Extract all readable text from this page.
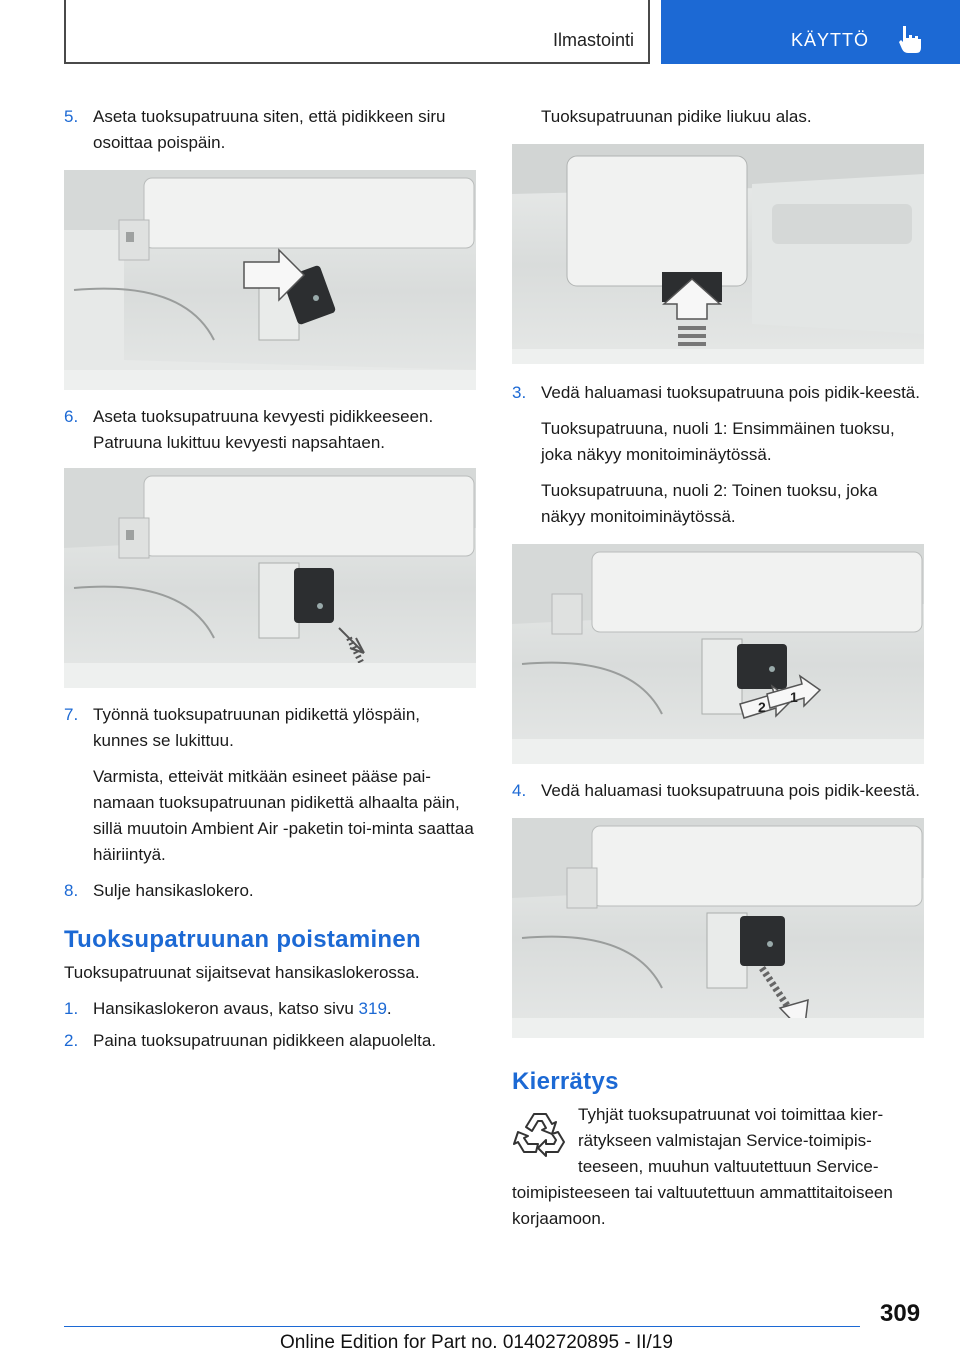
Ilmastointi	KÄYTTÖ
5. Aseta tuoksupatruuna siten, että pidikkeen siru osoittaa poispäin.

6. Aseta tuoksupatruuna kevyesti pidikkeeseen. Patruuna lukittuu kevyesti napsahtaen.

7. Työnnä tuoksupatruunan pidikettä ylöspäin, kunnes se lukittuu.

Varmista, etteivät mitkään esineet pääse pai-namaan tuoksupatruunan pidikettä alhaalta päin, sillä muutoin Ambient Air -paketin toi-minta saattaa häiriintyä.

8. Sulje hansikaslokero.

Tuoksupatruunan poistaminen

Tuoksupatruunat sijaitsevat hansikaslokerossa.

1. Hansikaslokeron avaus, katso sivu 319.

2. Paina tuoksupatruunan pidikkeen alapuolelta.

Tuoksupatruunan pidike liukuu alas.

3. Vedä haluamasi tuoksupatruuna pois pidik-keestä.

Tuoksupatruuna, nuoli 1: Ensimmäinen tuoksu, joka näkyy monitoiminäytössä.

Tuoksupatruuna, nuoli 2: Toinen tuoksu, joka näkyy monitoiminäytössä.

2
1
4. Vedä haluamasi tuoksupatruuna pois pidik-keestä.

Kierrätys

Tyhjät tuoksupatruunat voi toimittaa kier-rätykseen valmistajan Service-toimipis-teeseen, muuhun valtuutettuun Service-toimipisteeseen tai valtuutettuun ammattitaitoiseen korjaamoon.

309
Online Edition for Part no. 01402720895 - II/19
